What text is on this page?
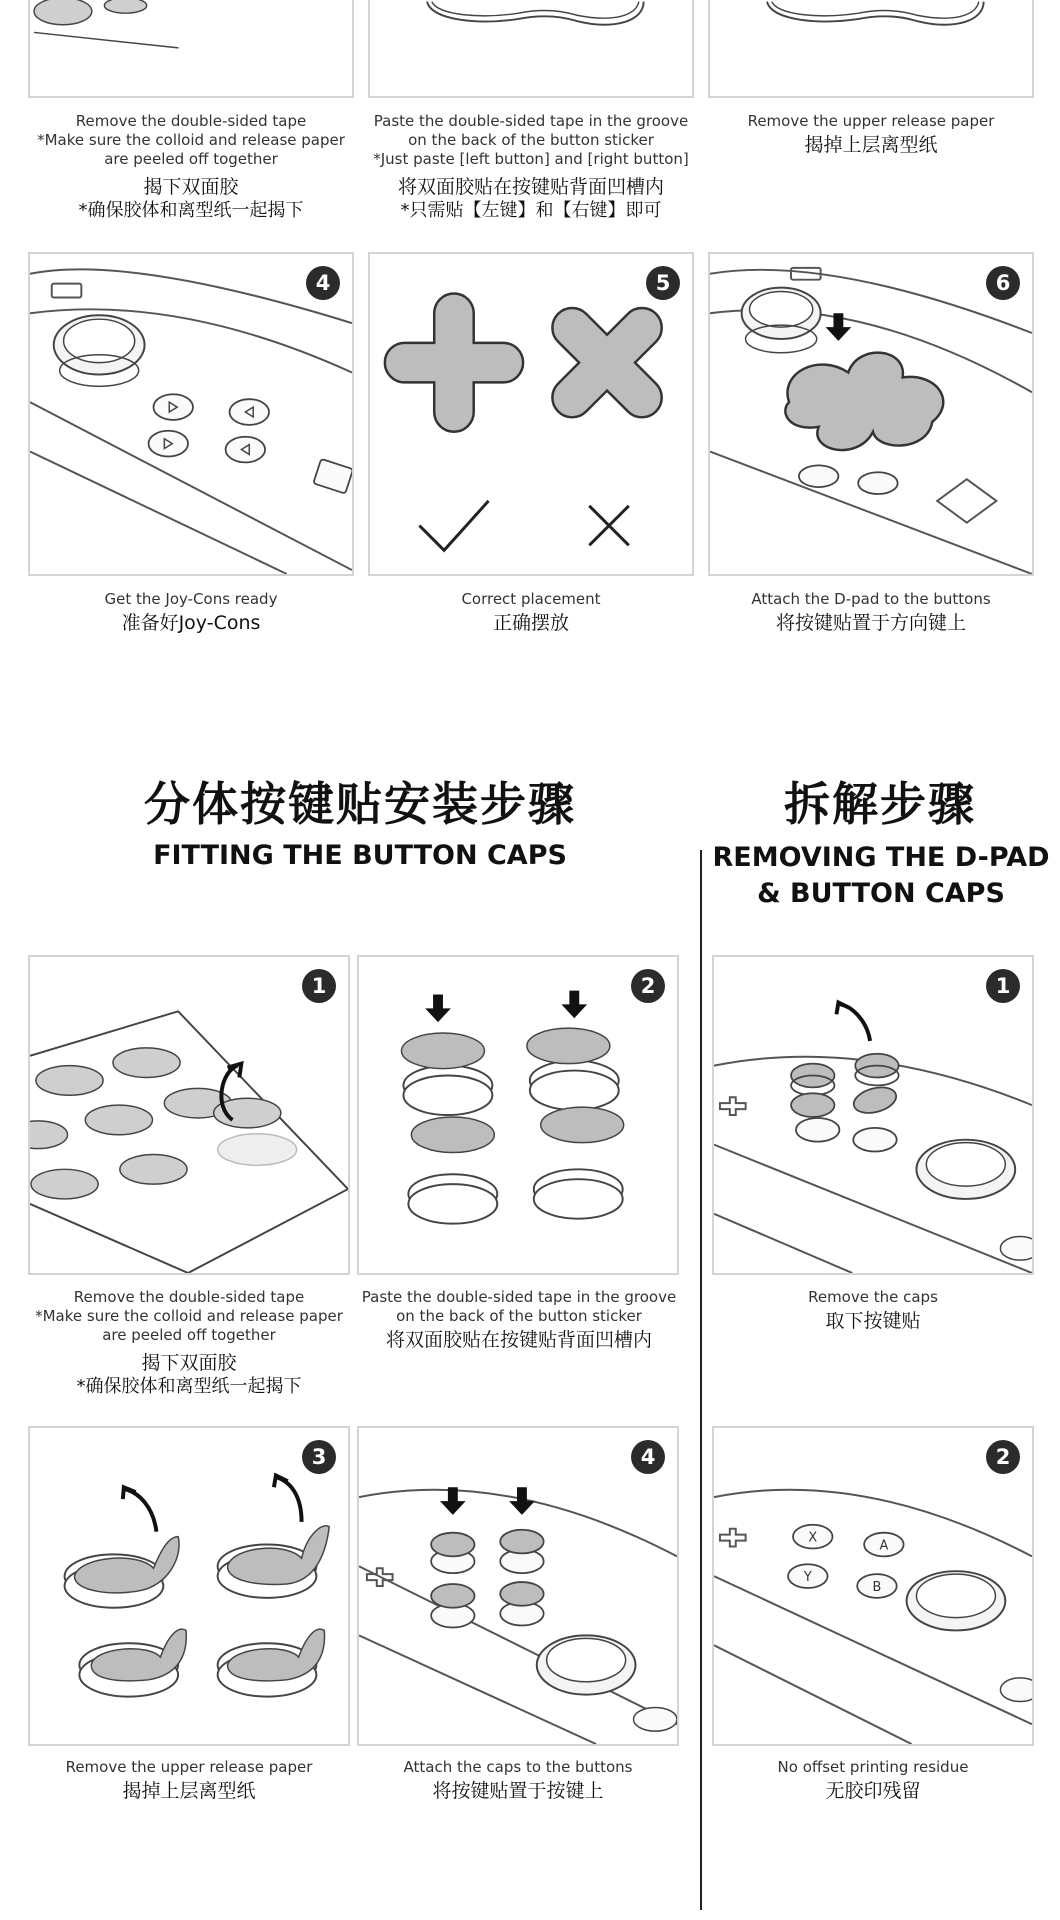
Remove the double-sided tape
*Make sure the colloid and release paper
are peeled off together
揭下双面胶
*确保胶体和离型纸一起揭下
Paste the double-sided tape in the groove
on the back of the button sticker
*Just paste [left button] and [right button]
将双面胶贴在按键贴背面凹槽内
*只需贴【左键】和【右键】即可
Remove the upper release paper
揭掉上层离型纸
4	5	6
Get the Joy-Cons ready
准备好Joy-Cons
Correct placement
正确摆放
Attach the D-pad to the buttons
将按键贴置于方向键上
分体按键贴安装步骤
FITTING THE BUTTON CAPS
拆解步骤
REMOVING THE D-PAD
& BUTTON CAPS
1	2
Remove the double-sided tape
*Make sure the colloid and release paper
are peeled off together
揭下双面胶
*确保胶体和离型纸一起揭下
Paste the double-sided tape in the groove
on the back of the button sticker
将双面胶贴在按键贴背面凹槽内
3	4
Remove the upper release paper
揭掉上层离型纸
Attach the caps to the buttons
将按键贴置于按键上
1
Remove the caps
取下按键贴
X
A
Y
B
2
No offset printing residue
无胶印残留
